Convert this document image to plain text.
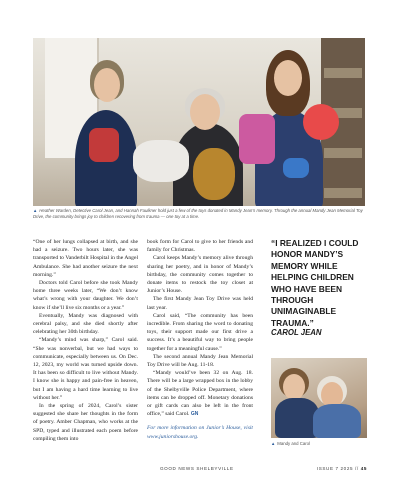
▲ Heather Warden, Detective Carol Jean, and Hannah Faulkner hold just a few of the toys donated in Mandy Jean’s memory. Through the annual Mandy Jean Memorial Toy Drive, the community brings joy to children recovering from trauma — one toy at a time.

“One of her lungs collapsed at birth, and she had a seizure. Two hours later, she was transported to Vanderbilt Hospital in the Angel Ambulance. She had another seizure the next morning.”

Doctors told Carol before she took Mandy home three weeks later, “We don’t know what’s wrong with your daughter. We don’t know if she’ll live six months or a year.”

Eventually, Mandy was diagnosed with cerebral palsy, and she died shortly after celebrating her 30th birthday.

“Mandy’s mind was sharp,” Carol said. “She was nonverbal, but we had ways to communicate, especially between us. On Dec. 12, 2023, my world was turned upside down. It has been so difficult to live without Mandy. I know she is happy and pain-free in heaven, but I am having a hard time learning to live without her.”

In the spring of 2024, Carol’s sister suggested she share her thoughts in the form of poetry. Amber Chapman, who works at the SPD, typed and illustrated each poem before compiling them into

book form for Carol to give to her friends and family for Christmas.

Carol keeps Mandy’s memory alive through sharing her poetry, and in honor of Mandy’s birthday, the community comes together to donate items to restock the toy closet at Junior’s House.

The first Mandy Jean Toy Drive was held last year.

Carol said, “The community has been incredible. From sharing the word to donating toys, their support made our first drive a success. It’s a beautiful way to bring people together for a meaningful cause.”

The second annual Mandy Jean Memorial Toy Drive will be Aug. 11-18.

“Mandy would’ve been 32 on Aug. 18. There will be a large wrapped box in the lobby of the Shelbyville Police Department, where items can be dropped off. Monetary donations or gift cards can also be left in the front office,” said Carol. GN

For more information on Junior’s House, visit www.juniorshouse.org.

“I REALIZED I COULD HONOR MANDY’S MEMORY WHILE HELPING CHILDREN WHO HAVE BEEN THROUGH UNIMAGINABLE TRAUMA.”
CAROL JEAN
▲ Mandy and Carol
GOOD NEWS SHELBYVILLE	ISSUE 7 2025 // 45
